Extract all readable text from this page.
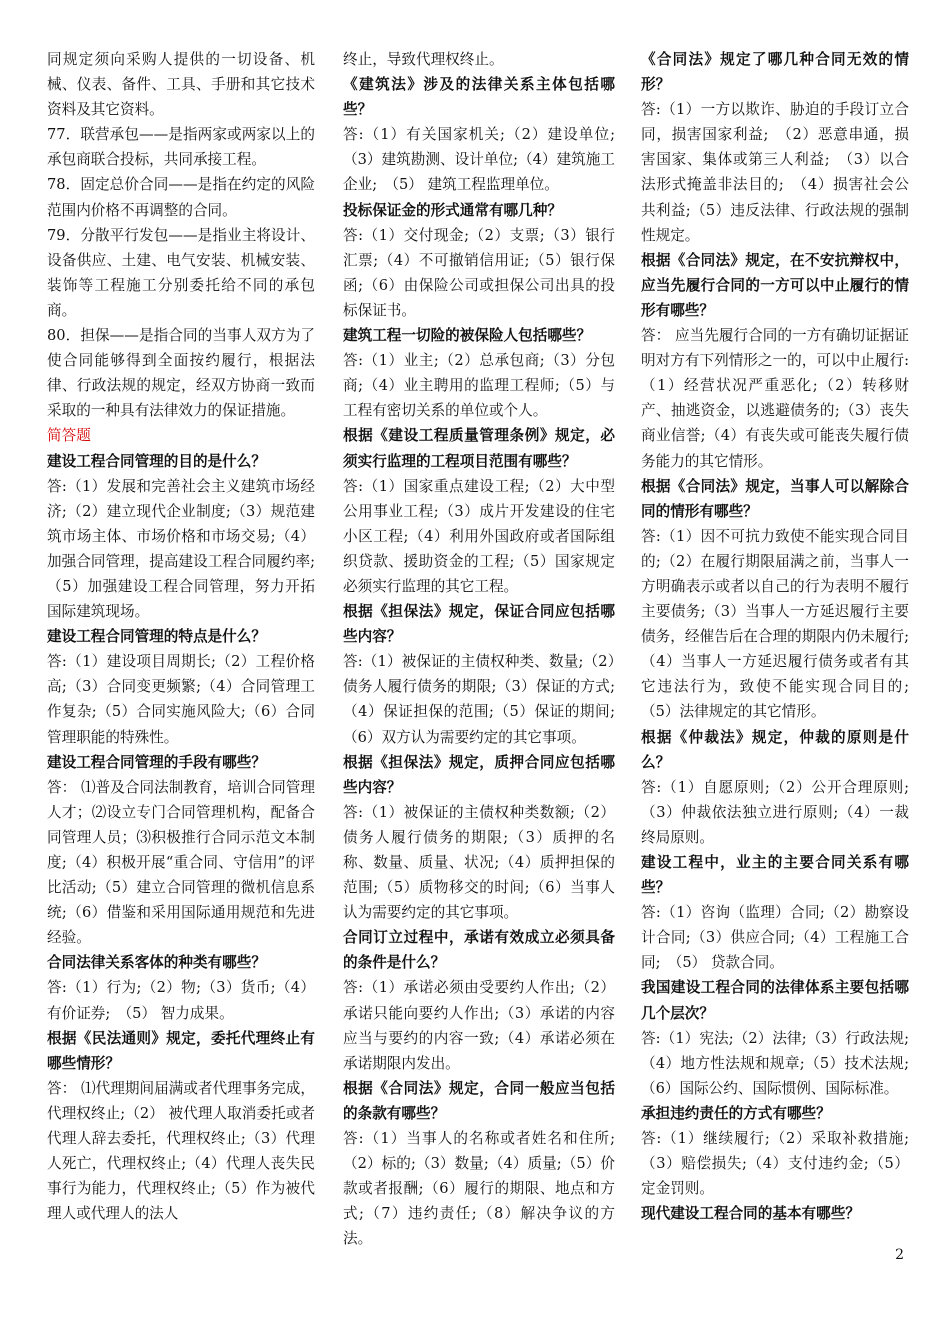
同规定须向采购人提供的一切设备、机械、仪表、备件、工具、手册和其它技术资料及其它资料。

77．联营承包——是指两家或两家以上的承包商联合投标，共同承接工程。

78．固定总价合同——是指在约定的风险范围内价格不再调整的合同。

79．分散平行发包——是指业主将设计、设备供应、土建、电气安装、机械安装、装饰等工程施工分别委托给不同的承包商。

80．担保——是指合同的当事人双方为了使合同能够得到全面按约履行，根据法律、行政法规的规定，经双方协商一致而采取的一种具有法律效力的保证措施。

简答题

建设工程合同管理的目的是什么？

答:（1）发展和完善社会主义建筑市场经济;（2）建立现代企业制度;（3）规范建筑市场主体、市场价格和市场交易;（4）加强合同管理，提高建设工程合同履约率;（5）加强建设工程合同管理，努力开拓国际建筑现场。

建设工程合同管理的特点是什么？

答:（1）建设项目周期长;（2）工程价格高;（3）合同变更频繁;（4）合同管理工作复杂;（5）合同实施风险大;（6）合同管理职能的特殊性。

建设工程合同管理的手段有哪些？

答： ⑴普及合同法制教育，培训合同管理人才；⑵设立专门合同管理机构，配备合同管理人员；⑶积极推行合同示范文本制度;（4）积极开展“重合同、守信用”的评比活动;（5）建立合同管理的微机信息系统;（6）借鉴和采用国际通用规范和先进经验。

合同法律关系客体的种类有哪些？

答:（1）行为;（2）物;（3）货币;（4）有价证券;　（5） 智力成果。

根据《民法通则》规定，委托代理终止有哪些情形？

答： ⑴代理期间届满或者代理事务完成，代理权终止;（2） 被代理人取消委托或者代理人辞去委托，代理权终止;（3）代理人死亡，代理权终止;（4）代理人丧失民事行为能力，代理权终止;（5）作为被代理人或代理人的法人

终止，导致代理权终止。

《建筑法》涉及的法律关系主体包括哪些？

答:（1）有关国家机关;（2）建设单位;（3）建筑勘测、设计单位;（4）建筑施工企业;　（5） 建筑工程监理单位。

投标保证金的形式通常有哪几种？

答:（1）交付现金;（2）支票;（3）银行汇票;（4）不可撤销信用证;（5）银行保函;（6）由保险公司或担保公司出具的投标保证书。

建筑工程一切险的被保险人包括哪些？

答:（1）业主;（2）总承包商;（3）分包商;（4）业主聘用的监理工程师;（5）与工程有密切关系的单位或个人。

根据《建设工程质量管理条例》规定，必须实行监理的工程项目范围有哪些？

答:（1）国家重点建设工程;（2）大中型公用事业工程;（3）成片开发建设的住宅小区工程;（4）利用外国政府或者国际组织贷款、援助资金的工程;（5）国家规定必须实行监理的其它工程。

根据《担保法》规定，保证合同应包括哪些内容？

答:（1）被保证的主债权种类、数量;（2）债务人履行债务的期限;（3）保证的方式;（4）保证担保的范围;（5）保证的期间;（6）双方认为需要约定的其它事项。

根据《担保法》规定，质押合同应包括哪些内容？

答:（1）被保证的主债权种类数额;（2）债务人履行债务的期限;（3）质押的名称、数量、质量、状况;（4）质押担保的范围;（5）质物移交的时间;（6）当事人认为需要约定的其它事项。

合同订立过程中，承诺有效成立必须具备的条件是什么？

答:（1）承诺必须由受要约人作出;（2）承诺只能向要约人作出;（3）承诺的内容应当与要约的内容一致;（4）承诺必须在承诺期限内发出。

根据《合同法》规定，合同一般应当包括的条款有哪些？

答:（1）当事人的名称或者姓名和住所;（2）标的;（3）数量;（4）质量;（5）价款或者报酬;（6）履行的期限、地点和方式;（7）违约责任;（8）解决争议的方法。

《合同法》规定了哪几种合同无效的情形？

答:（1）一方以欺诈、胁迫的手段订立合同，损害国家利益;　（2）恶意串通，损害国家、集体或第三人利益;　（3）以合法形式掩盖非法目的;　（4）损害社会公共利益;（5）违反法律、行政法规的强制性规定。

根据《合同法》规定，在不安抗辩权中，应当先履行合同的一方可以中止履行的情形有哪些？

答： 应当先履行合同的一方有确切证据证明对方有下列情形之一的，可以中止履行:（1）经营状况严重恶化;（2）转移财产、抽逃资金，以逃避债务的;（3）丧失商业信誉;（4）有丧失或可能丧失履行债务能力的其它情形。

根据《合同法》规定，当事人可以解除合同的情形有哪些？

答:（1）因不可抗力致使不能实现合同目的;（2）在履行期限届满之前，当事人一方明确表示或者以自己的行为表明不履行主要债务;（3）当事人一方延迟履行主要债务，经催告后在合理的期限内仍未履行;（4）当事人一方延迟履行债务或者有其它违法行为，致使不能实现合同目的;（5）法律规定的其它情形。

根据《仲裁法》规定，仲裁的原则是什么？

答:（1）自愿原则;（2）公开合理原则;（3）仲裁依法独立进行原则;（4）一裁终局原则。

建设工程中，业主的主要合同关系有哪些？

答:（1）咨询（监理）合同;（2）勘察设计合同;（3）供应合同;（4）工程施工合同;　（5） 贷款合同。

我国建设工程合同的法律体系主要包括哪几个层次？

答:（1）宪法;（2）法律;（3）行政法规;（4）地方性法规和规章;（5）技术法规;（6）国际公约、国际惯例、国际标准。

承担违约责任的方式有哪些？

答:（1）继续履行;（2）采取补救措施;（3）赔偿损失;（4）支付违约金;（5）定金罚则。

现代建设工程合同的基本有哪些？

2
